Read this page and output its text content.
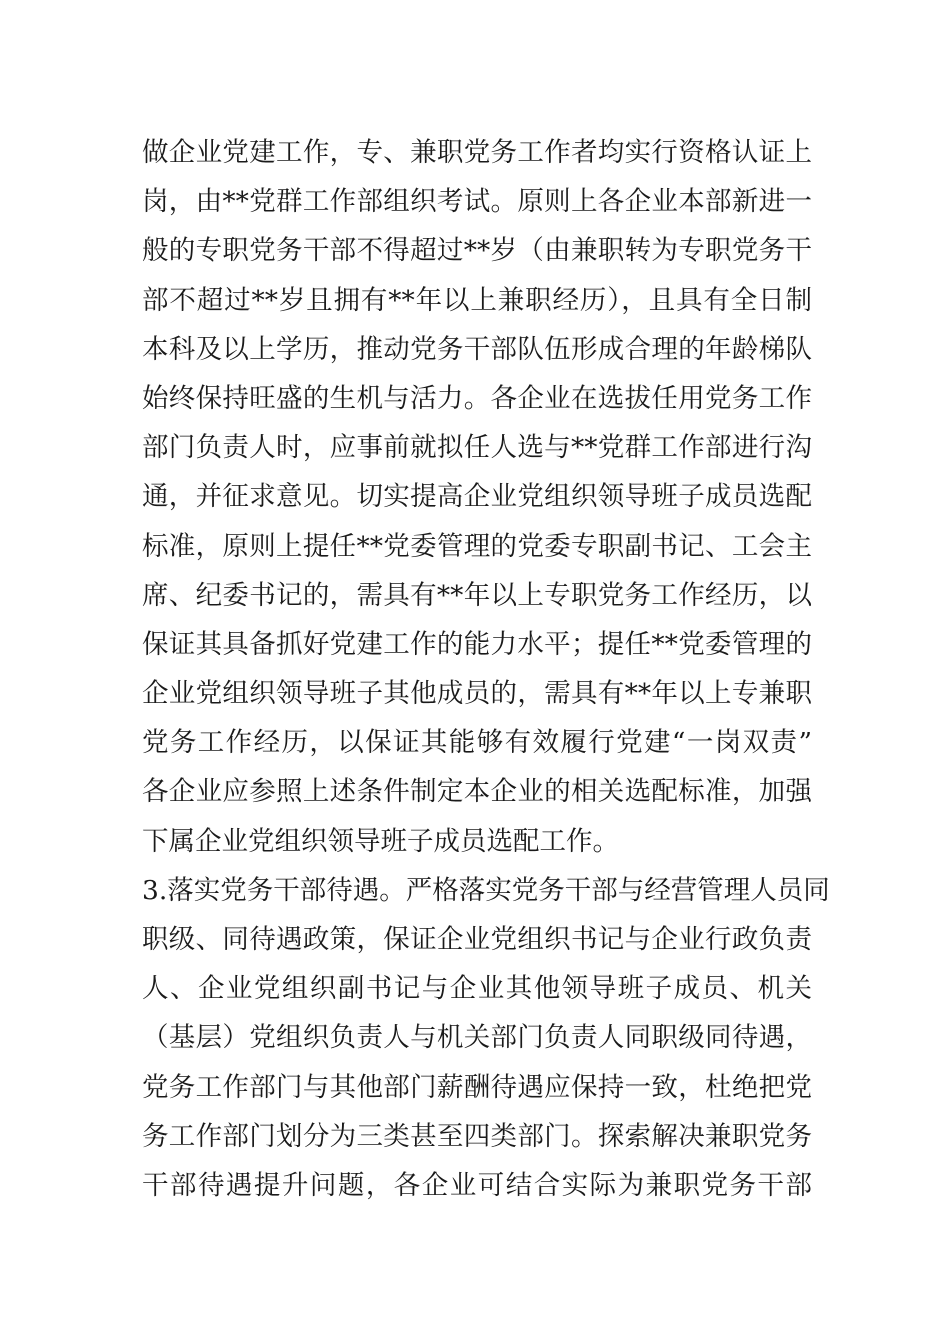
做企业党建工作，专、兼职党务工作者均实行资格认证上
岗，由**党群工作部组织考试。原则上各企业本部新进一
般的专职党务干部不得超过**岁（由兼职转为专职党务干
部不超过**岁且拥有**年以上兼职经历），且具有全日制
本科及以上学历，推动党务干部队伍形成合理的年龄梯队
始终保持旺盛的生机与活力。各企业在选拔任用党务工作
部门负责人时，应事前就拟任人选与**党群工作部进行沟
通，并征求意见。切实提高企业党组织领导班子成员选配
标准，原则上提任**党委管理的党委专职副书记、工会主
席、纪委书记的，需具有**年以上专职党务工作经历，以
保证其具备抓好党建工作的能力水平；提任**党委管理的
企业党组织领导班子其他成员的，需具有**年以上专兼职
党务工作经历，以保证其能够有效履行党建“一岗双责”
各企业应参照上述条件制定本企业的相关选配标准，加强
下属企业党组织领导班子成员选配工作。
3.落实党务干部待遇。严格落实党务干部与经营管理人员同
职级、同待遇政策，保证企业党组织书记与企业行政负责
人、企业党组织副书记与企业其他领导班子成员、机关
（基层）党组织负责人与机关部门负责人同职级同待遇，
党务工作部门与其他部门薪酬待遇应保持一致，杜绝把党
务工作部门划分为三类甚至四类部门。探索解决兼职党务
干部待遇提升问题，各企业可结合实际为兼职党务干部
